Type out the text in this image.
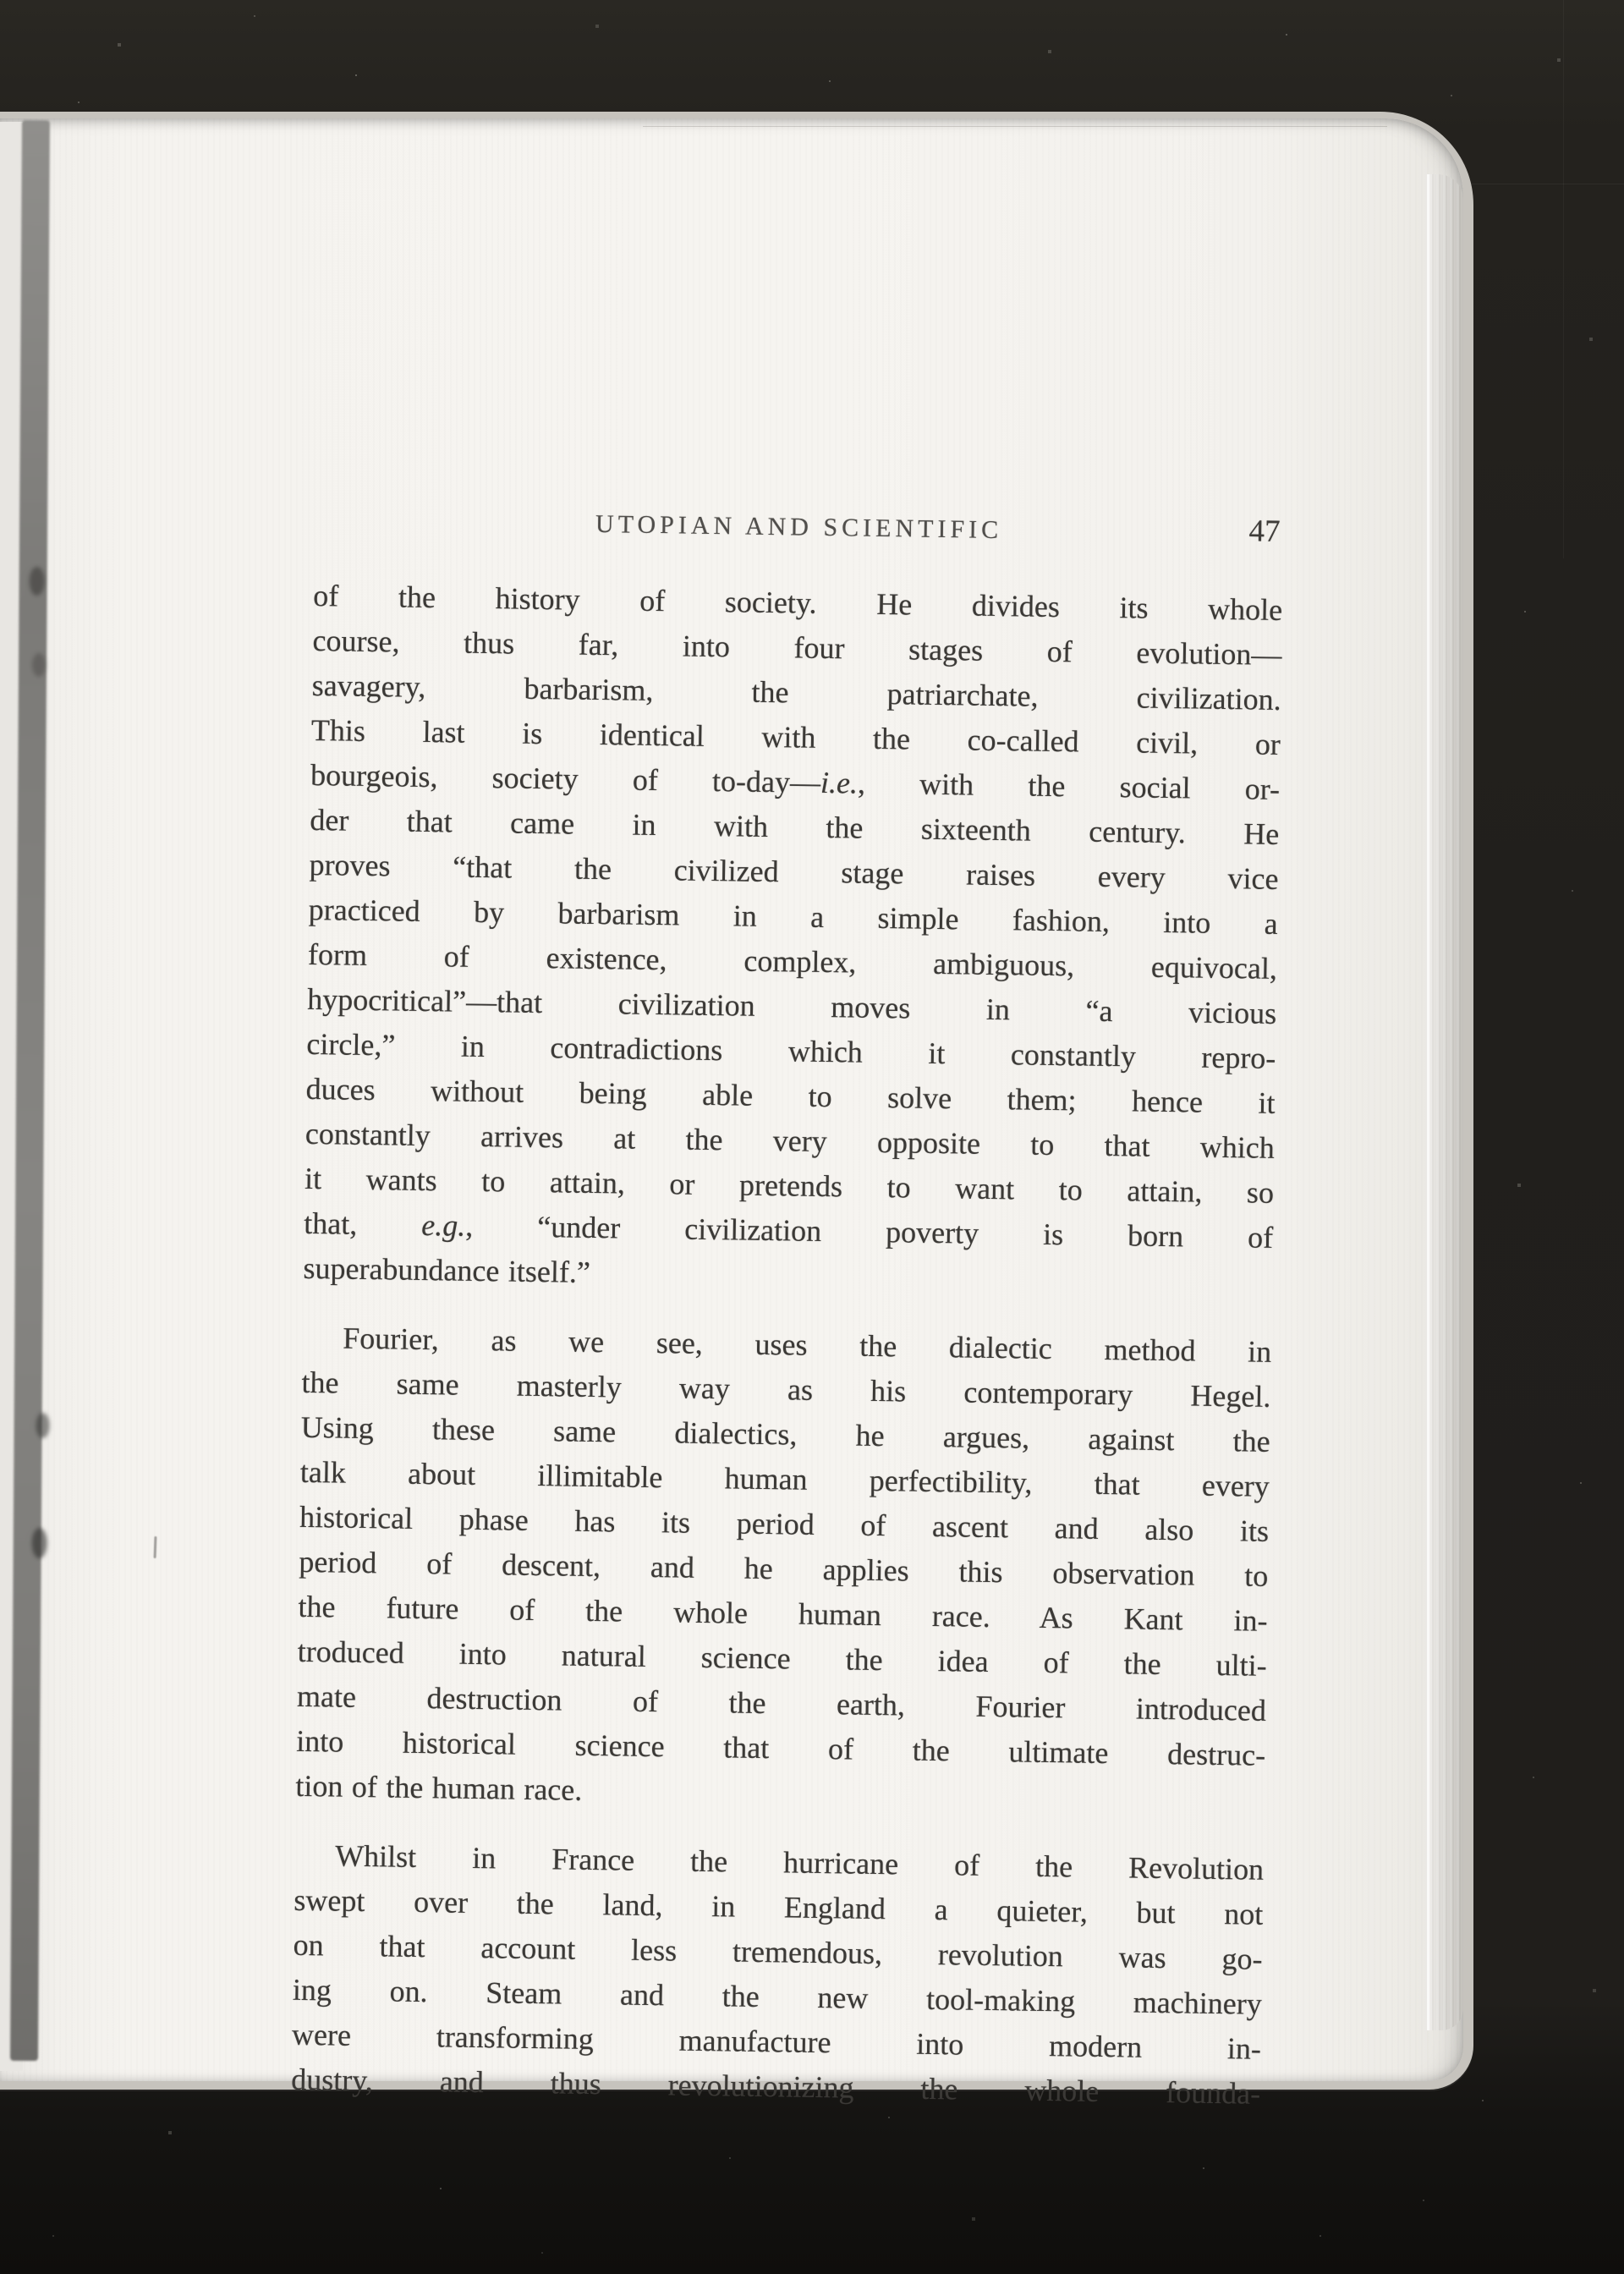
UTOPIAN AND SCIENTIFIC	47
of the history of society. He divides its whole
course, thus far, into four stages of evolution—
savagery, barbarism, the patriarchate, civilization.
This last is identical with the co-called civil, or
bourgeois, society of to-day—i.e., with the social or-
der that came in with the sixteenth century. He
proves “that the civilized stage raises every vice
practiced by barbarism in a simple fashion, into a
form of existence, complex, ambiguous, equivocal,
hypocritical”—that civilization moves in “a vicious
circle,” in contradictions which it constantly repro-
duces without being able to solve them; hence it
constantly arrives at the very opposite to that which
it wants to attain, or pretends to want to attain, so
that, e.g., “under civilization poverty is born of
superabundance itself.”
Fourier, as we see, uses the dialectic method in
the same masterly way as his contemporary Hegel.
Using these same dialectics, he argues, against the
talk about illimitable human perfectibility, that every
historical phase has its period of ascent and also its
period of descent, and he applies this observation to
the future of the whole human race. As Kant in-
troduced into natural science the idea of the ulti-
mate destruction of the earth, Fourier introduced
into historical science that of the ultimate destruc-
tion of the human race.
Whilst in France the hurricane of the Revolution
swept over the land, in England a quieter, but not
on that account less tremendous, revolution was go-
ing on. Steam and the new tool-making machinery
were transforming manufacture into modern in-
dustry, and thus revolutionizing the whole founda-
